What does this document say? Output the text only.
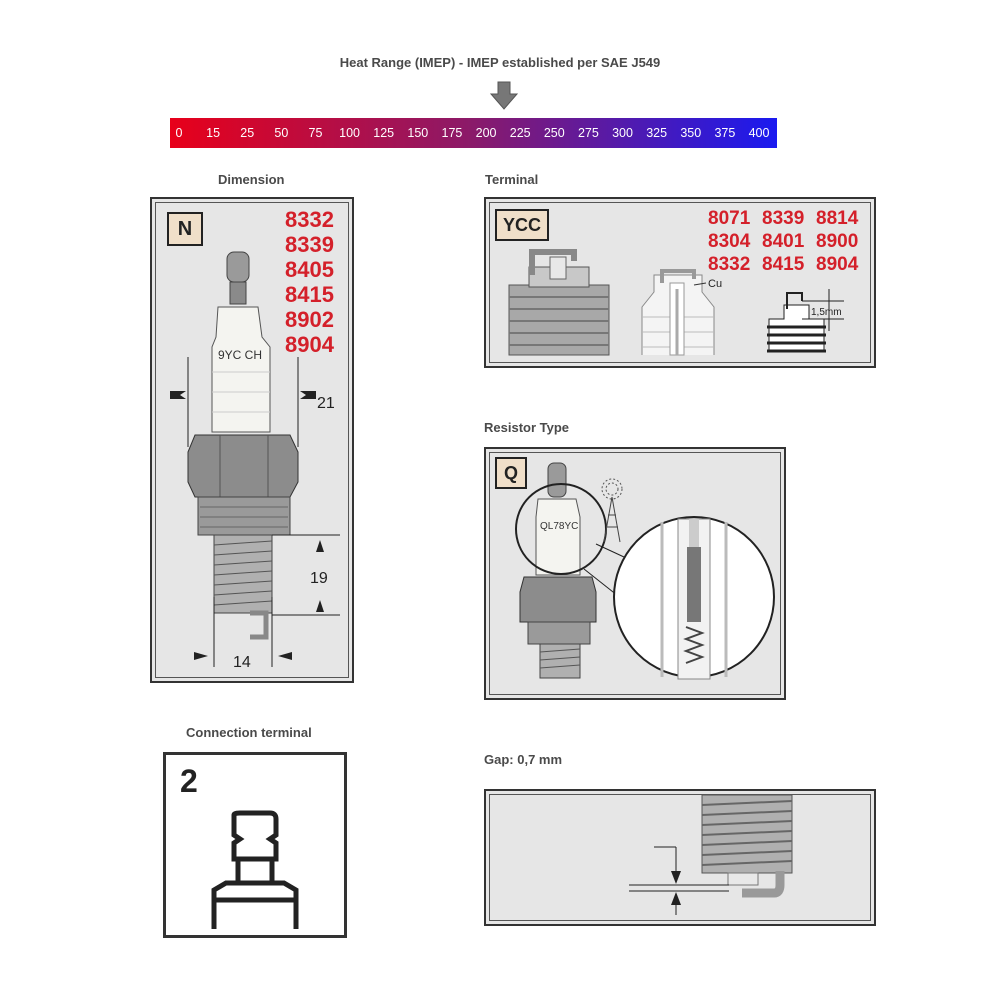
Heat Range (IMEP) - IMEP established per SAE J549
0 15 25 50 75 100 125 150 175 200 225 250 275 300 325 350 375 400
Dimension	Terminal
Resistor Type
Connection terminal
Gap: 0,7 mm
N	8332
8339
8405
8415
8902
8904
9YC CH
21
19
14
YCC	8071 8339 8814
8304 8401 8900
8332 8415 8904
Cu
1,5mm
Q
QL78YC
2
